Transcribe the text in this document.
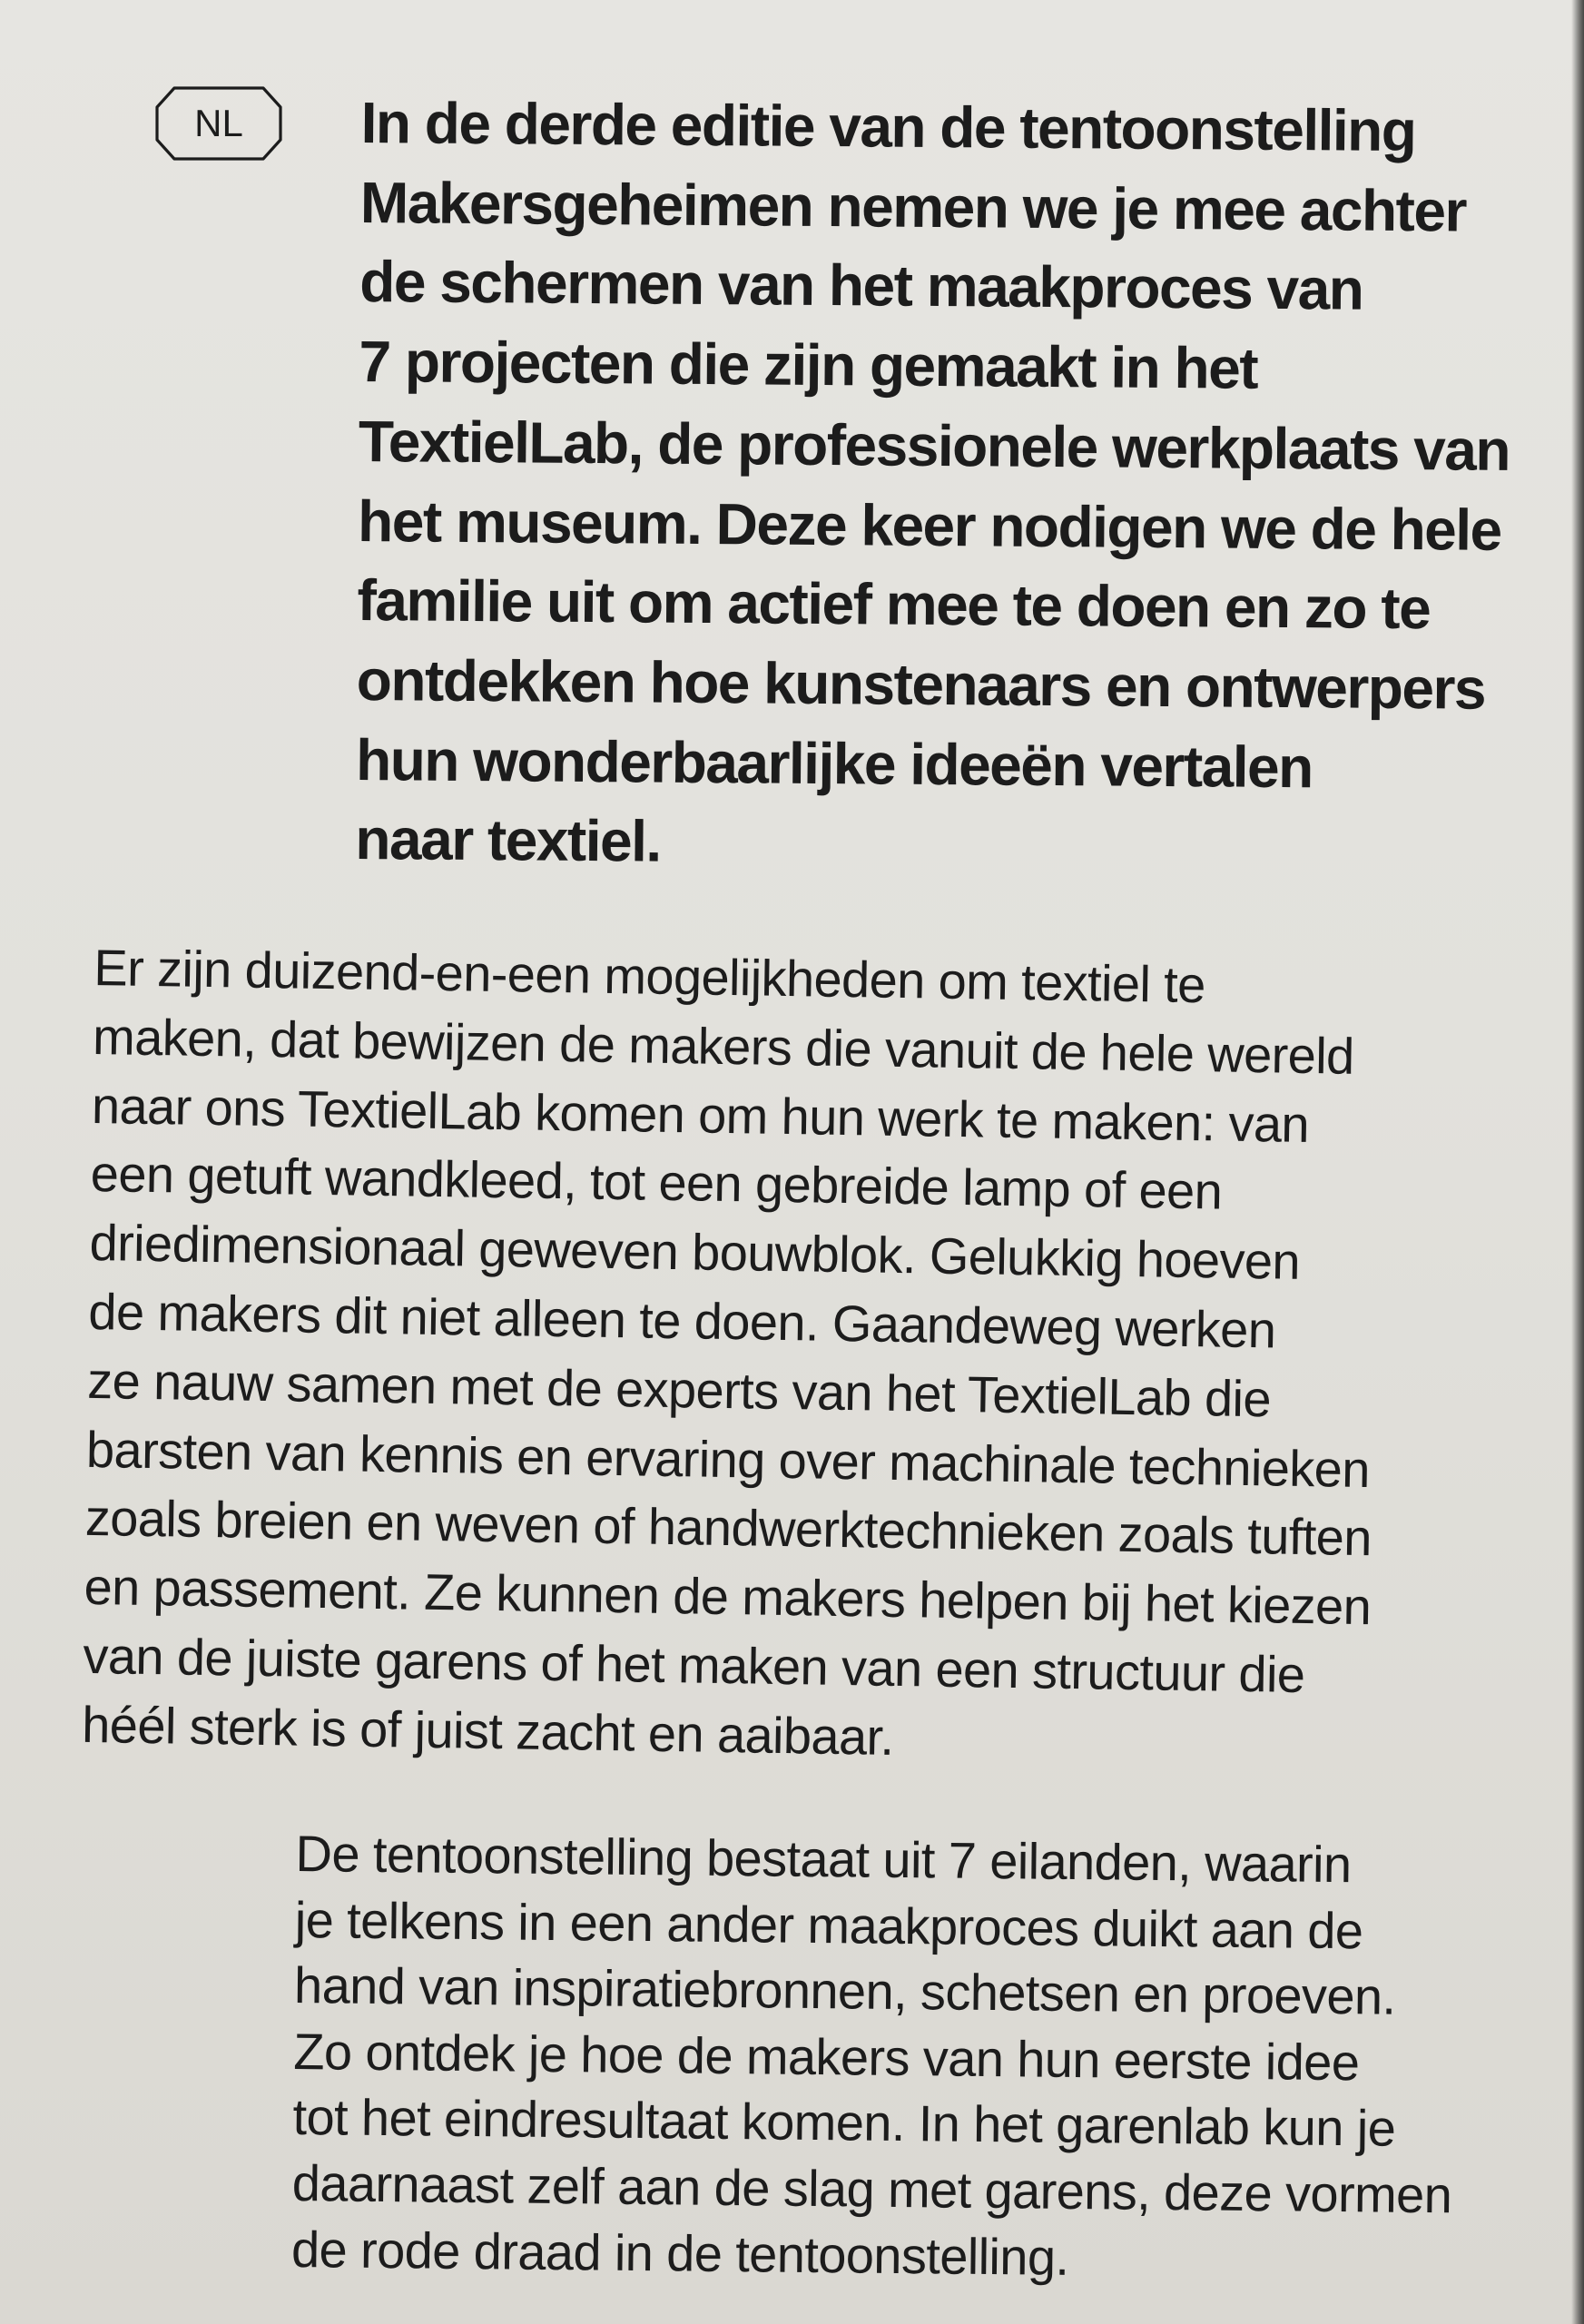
NL	In de derde editie van de tentoonstelling
Makersgeheimen nemen we je mee achter
de schermen van het maakproces van
7 projecten die zijn gemaakt in het
TextielLab, de professionele werkplaats van
het museum. Deze keer nodigen we de hele
familie uit om actief mee te doen en zo te
ontdekken hoe kunstenaars en ontwerpers
hun wonderbaarlijke ideeën vertalen
naar textiel.
Er zijn duizend-en-een mogelijkheden om textiel te
maken, dat bewijzen de makers die vanuit de hele wereld
naar ons TextielLab komen om hun werk te maken: van
een getuft wandkleed, tot een gebreide lamp of een
driedimensionaal geweven bouwblok. Gelukkig hoeven
de makers dit niet alleen te doen. Gaandeweg werken
ze nauw samen met de experts van het TextielLab die
barsten van kennis en ervaring over machinale technieken
zoals breien en weven of handwerktechnieken zoals tuften
en passement. Ze kunnen de makers helpen bij het kiezen
van de juiste garens of het maken van een structuur die
héél sterk is of juist zacht en aaibaar.
De tentoonstelling bestaat uit 7 eilanden, waarin
je telkens in een ander maakproces duikt aan de
hand van inspiratiebronnen, schetsen en proeven.
Zo ontdek je hoe de makers van hun eerste idee
tot het eindresultaat komen. In het garenlab kun je
daarnaast zelf aan de slag met garens, deze vormen
de rode draad in de tentoonstelling.
